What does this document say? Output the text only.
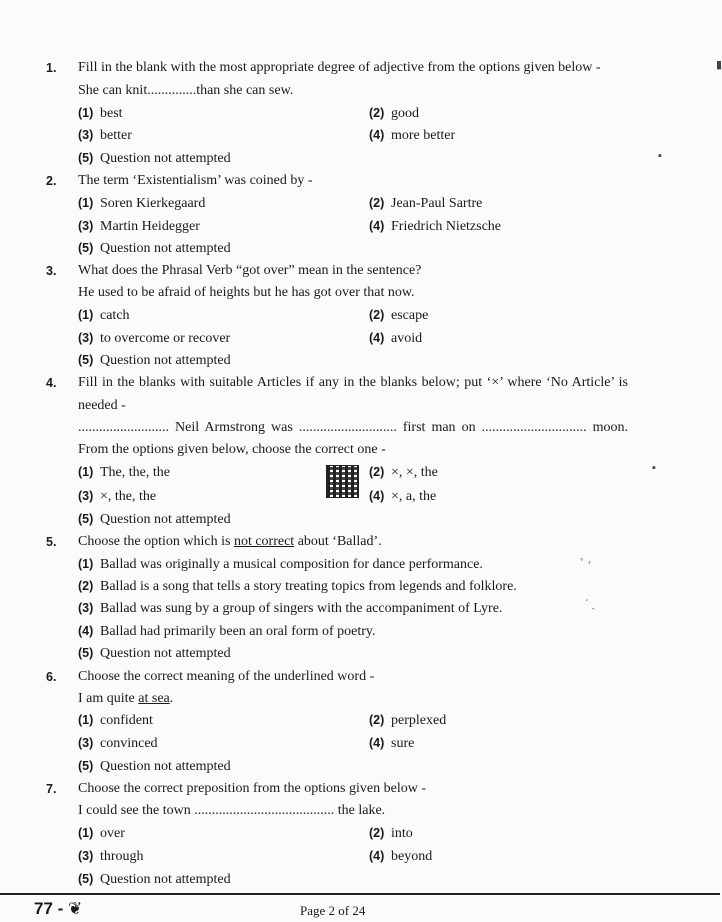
1. Fill in the blank with the most appropriate degree of adjective from the options given below -
She can knit..............than she can sew.
(1) best	(2) good
(3) better	(4) more better
(5) Question not attempted
2. The term ‘Existentialism’ was coined by -
(1) Soren Kierkegaard	(2) Jean-Paul Sartre
(3) Martin Heidegger	(4) Friedrich Nietzsche
(5) Question not attempted
3. What does the Phrasal Verb “got over” mean in the sentence?
He used to be afraid of heights but he has got over that now.
(1) catch	(2) escape
(3) to overcome or recover	(4) avoid
(5) Question not attempted
4. Fill in the blanks with suitable Articles if any in the blanks below; put ‘×’ where ‘No Article’ is
needed -
.......................... Neil Armstrong was ............................ first man on .............................. moon.
From the options given below, choose the correct one -
(1) The, the, the	(2) ×, ×, the
(3) ×, the, the	(4) ×, a, the
(5) Question not attempted
5. Choose the option which is not correct about ‘Ballad’.
(1) Ballad was originally a musical composition for dance performance.
(2) Ballad is a song that tells a story treating topics from legends and folklore.
(3) Ballad was sung by a group of singers with the accompaniment of Lyre.
(4) Ballad had primarily been an oral form of poetry.
(5) Question not attempted
6. Choose the correct meaning of the underlined word -
I am quite at sea.
(1) confident	(2) perplexed
(3) convinced	(4) sure
(5) Question not attempted
7. Choose the correct preposition from the options given below -
I could see the town ........................................ the lake.
(1) over	(2) into
(3) through	(4) beyond
(5) Question not attempted
▪
▪
ﾟ ʳ
ˊ ˎ
▮
77 - ❦	Page 2 of 24
